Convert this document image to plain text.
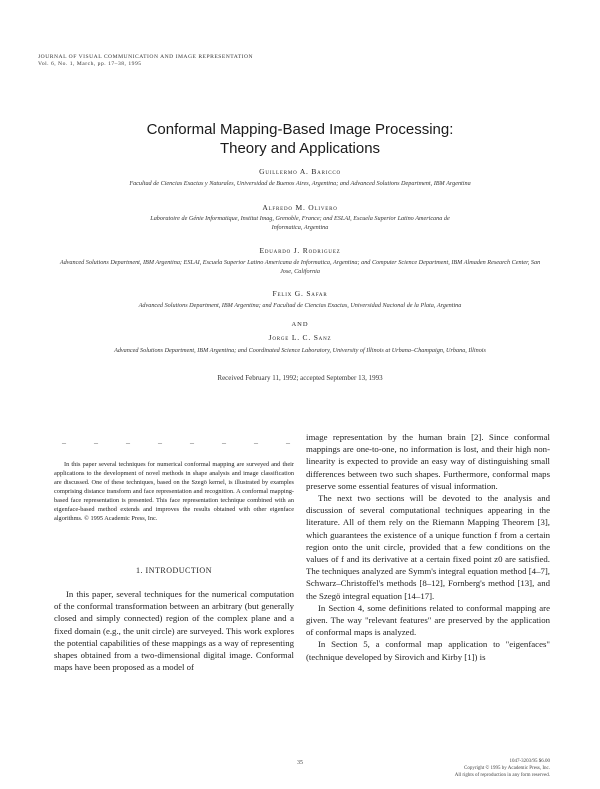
JOURNAL OF VISUAL COMMUNICATION AND IMAGE REPRESENTATION
Vol. 6, No. 1, March, pp. 17–38, 1995
Conformal Mapping-Based Image Processing:
Theory and Applications
Guillermo A. Baricco
Facultad de Ciencias Exactas y Naturales, Universidad de Buenos Aires, Argentina; and Advanced Solutions Department, IBM Argentina
Alfredo M. Olivero
Laboratoire de Génie Informatique, Institut Imag, Grenoble, France; and ESLAI, Escuela Superior Latino Americana de Informatica, Argentina
Eduardo J. Rodriguez
Advanced Solutions Department, IBM Argentina; ESLAI, Escuela Superior Latino Americana de Informatica, Argentina; and Computer Science Department, IBM Almaden Research Center, San Jose, California
Felix G. Safar
Advanced Solutions Department, IBM Argentina; and Facultad de Ciencias Exactas, Universidad Nacional de la Plata, Argentina
AND
Jorge L. C. Sanz
Advanced Solutions Department, IBM Argentina; and Coordinated Science Laboratory, University of Illinois at Urbana–Champaign, Urbana, Illinois
Received February 11, 1992; accepted September 13, 1993
–	–	–	–	–	–	–	–
In this paper several techniques for numerical conformal mapping are surveyed and their applications to the development of novel methods in shape analysis and image classification are discussed. One of these techniques, based on the Szegö kernel, is illustrated by examples comprising distance transform and face representation and recognition. A conformal mapping-based face representation is presented. This face representation technique combined with an eigenface-based method extends and improves the results obtained with other eigenface algorithms. © 1995 Academic Press, Inc.
1. INTRODUCTION
In this paper, several techniques for the numerical computation of the conformal transformation between an arbitrary (but generally closed and simply connected) region of the complex plane and a fixed domain (e.g., the unit circle) are surveyed. This work explores the potential capabilities of these mappings as a way of representing shapes obtained from a two-dimensional digital image. Conformal maps have been proposed as a model of

image representation by the human brain [2]. Since conformal mappings are one-to-one, no information is lost, and their high non-linearity is expected to provide an easy way of distinguishing small differences between two such shapes. Furthermore, conformal maps preserve some essential features of visual information.

The next two sections will be devoted to the analysis and discussion of several computational techniques appearing in the literature. All of them rely on the Riemann Mapping Theorem [3], which guarantees the existence of a unique function f from a certain region onto the unit circle, provided that a few conditions on the values of f and its derivative at a certain fixed point z0 are satisfied. The techniques analyzed are Symm's integral equation method [4–7], Schwarz–Christoffel's methods [8–12], Fornberg's method [13], and the Szegö integral equation [14–17].

In Section 4, some definitions related to conformal mapping are given. The way "relevant features" are preserved by the application of conformal maps is analyzed.

In Section 5, a conformal map application to "eigenfaces" (technique developed by Sirovich and Kirby [1]) is

35	1047-3203/95 $6.00
Copyright © 1995 by Academic Press, Inc.
All rights of reproduction in any form reserved.
